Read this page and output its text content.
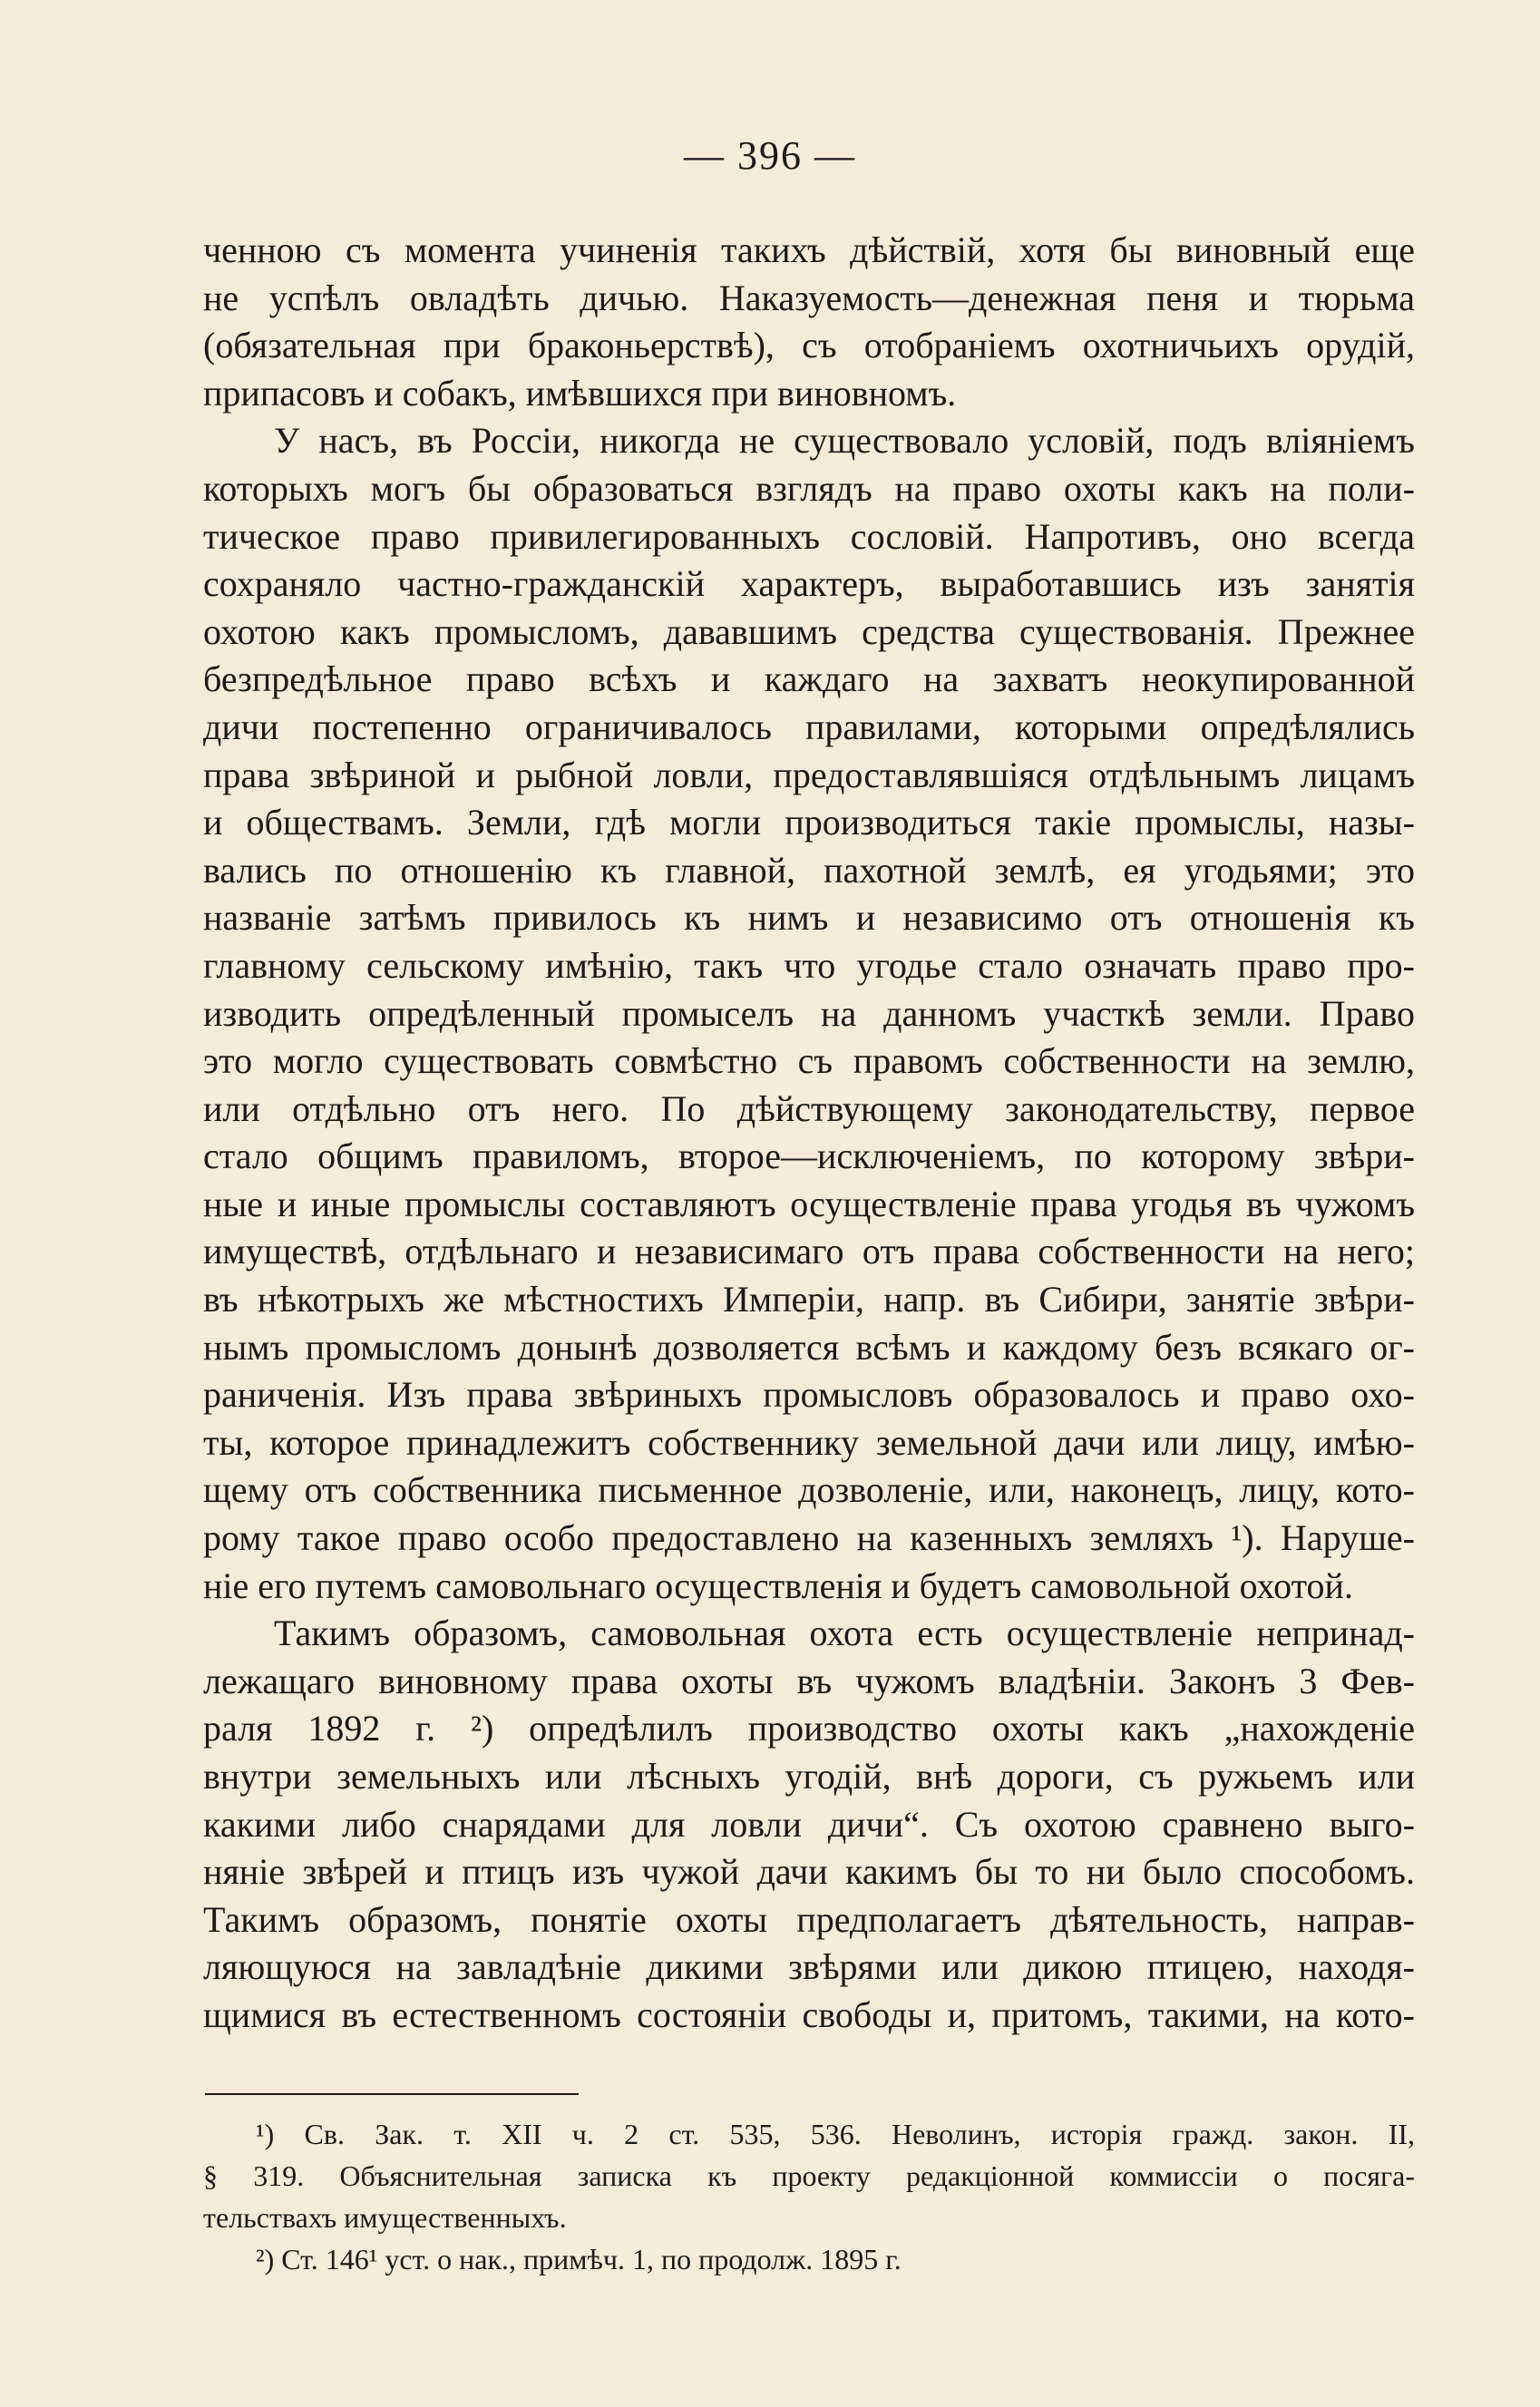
— 396 —
ченною съ момента учиненія такихъ дѣйствій, хотя бы виновный еще
не успѣлъ овладѣть дичью. Наказуемость—денежная пеня и тюрьма
(обязательная при браконьерствѣ), съ отобраніемъ охотничьихъ орудій,
припасовъ и собакъ, имѣвшихся при виновномъ.
У насъ, въ Россіи, никогда не существовало условій, подъ вліяніемъ
которыхъ могъ бы образоваться взглядъ на право охоты какъ на поли-
тическое право привилегированныхъ сословій. Напротивъ, оно всегда
сохраняло частно-гражданскій характеръ, выработавшись изъ занятія
охотою какъ промысломъ, дававшимъ средства существованія. Прежнее
безпредѣльное право всѣхъ и каждаго на захватъ неокупированной
дичи постепенно ограничивалось правилами, которыми опредѣлялись
права звѣриной и рыбной ловли, предоставлявшіяся отдѣльнымъ лицамъ
и обществамъ. Земли, гдѣ могли производиться такіе промыслы, назы-
вались по отношенію къ главной, пахотной землѣ, ея угодьями; это
названіе затѣмъ привилось къ нимъ и независимо отъ отношенія къ
главному сельскому имѣнію, такъ что угодье стало означать право про-
изводить опредѣленный промыселъ на данномъ участкѣ земли. Право
это могло существовать совмѣстно съ правомъ собственности на землю,
или отдѣльно отъ него. По дѣйствующему законодательству, первое
стало общимъ правиломъ, второе—исключеніемъ, по которому звѣри-
ные и иные промыслы составляютъ осуществленіе права угодья въ чужомъ
имуществѣ, отдѣльнаго и независимаго отъ права собственности на него;
въ нѣкотрыхъ же мѣстностихъ Имперіи, напр. въ Сибири, занятіе звѣри-
нымъ промысломъ донынѣ дозволяется всѣмъ и каждому безъ всякаго ог-
раниченія. Изъ права звѣриныхъ промысловъ образовалось и право охо-
ты, которое принадлежитъ собственнику земельной дачи или лицу, имѣю-
щему отъ собственника письменное дозволеніе, или, наконецъ, лицу, кото-
рому такое право особо предоставлено на казенныхъ земляхъ ¹). Наруше-
ніе его путемъ самовольнаго осуществленія и будетъ самовольной охотой.
Такимъ образомъ, самовольная охота есть осуществленіе непринад-
лежащаго виновному права охоты въ чужомъ владѣніи. Законъ 3 Фев-
раля 1892 г. ²) опредѣлилъ производство охоты какъ „нахожденіе
внутри земельныхъ или лѣсныхъ угодій, внѣ дороги, съ ружьемъ или
какими либо снарядами для ловли дичи“. Съ охотою сравнено выго-
няніе звѣрей и птицъ изъ чужой дачи какимъ бы то ни было способомъ.
Такимъ образомъ, понятіе охоты предполагаетъ дѣятельность, направ-
ляющуюся на завладѣніе дикими звѣрями или дикою птицею, находя-
щимися въ естественномъ состояніи свободы и, притомъ, такими, на кото-
¹) Св. Зак. т. XII ч. 2 ст. 535, 536. Неволинъ, исторія гражд. закон. II,
§ 319. Объяснительная записка къ проекту редакціонной коммиссіи о посяга-
тельствахъ имущественныхъ.
²) Ст. 146¹ уст. о нак., примѣч. 1, по продолж. 1895 г.
